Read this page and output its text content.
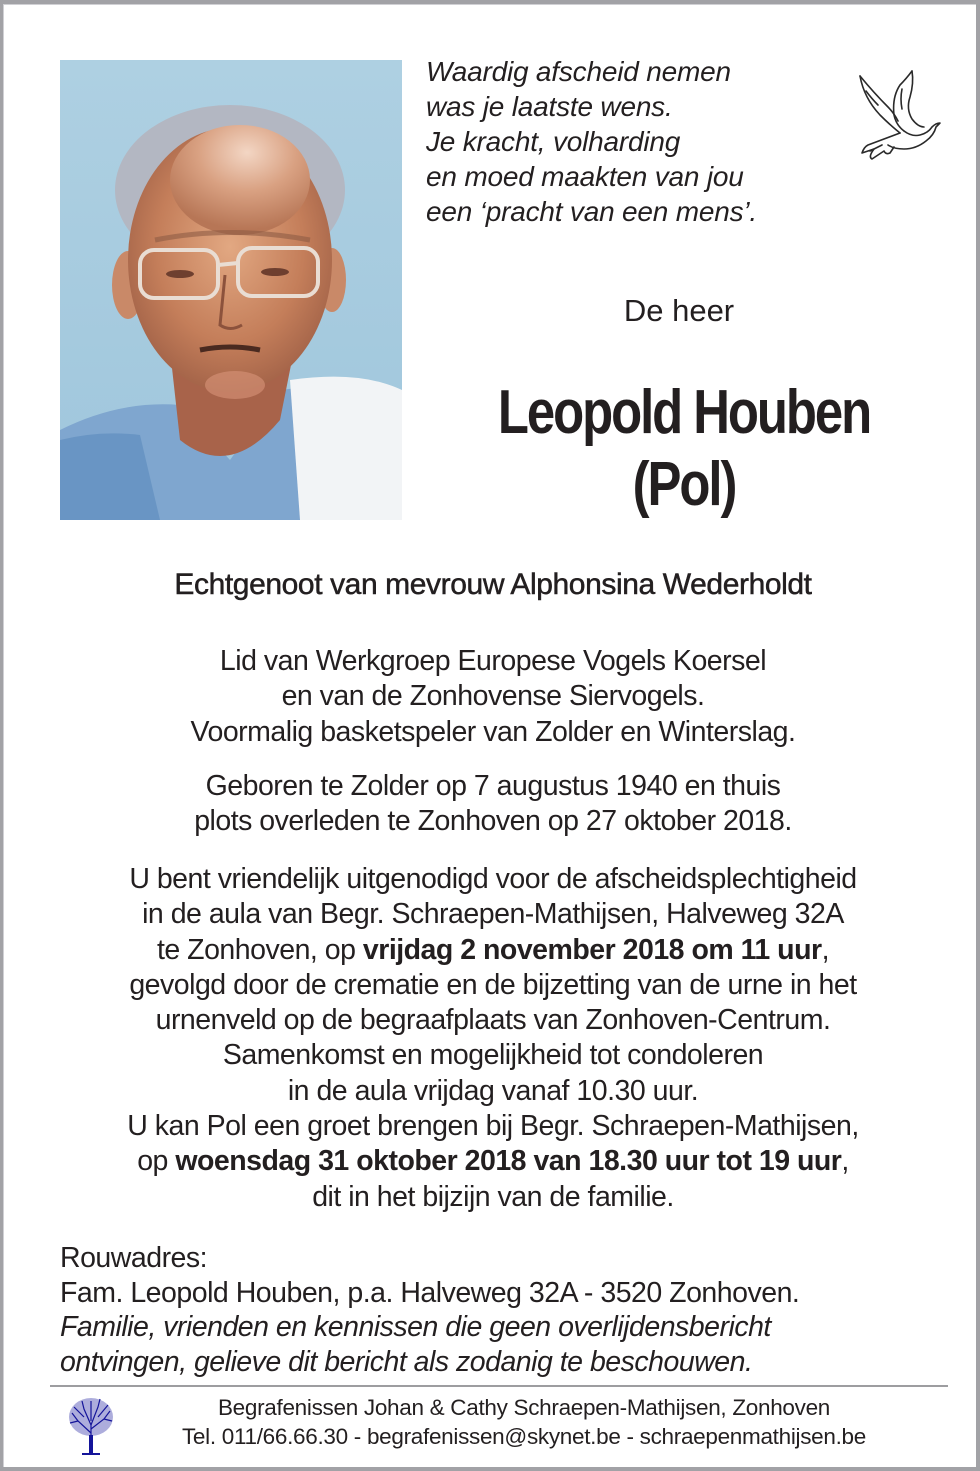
Waardig afscheid nemen
was je laatste wens.
Je kracht, volharding
en moed maakten van jou
een ‘pracht van een mens’.
De heer
Leopold Houben
(Pol)
Echtgenoot van mevrouw Alphonsina Wederholdt
Lid van Werkgroep Europese Vogels Koersel
en van de Zonhovense Siervogels.
Voormalig basketspeler van Zolder en Winterslag.
Geboren te Zolder op 7 augustus 1940 en thuis
plots overleden te Zonhoven op 27 oktober 2018.
U bent vriendelijk uitgenodigd voor de afscheidsplechtigheid
in de aula van Begr. Schraepen-Mathijsen, Halveweg 32A
te Zonhoven, op vrijdag 2 november 2018 om 11 uur,
gevolgd door de crematie en de bijzetting van de urne in het
urnenveld op de begraafplaats van Zonhoven-Centrum.
Samenkomst en mogelijkheid tot condoleren
in de aula vrijdag vanaf 10.30 uur.
U kan Pol een groet brengen bij Begr. Schraepen-Mathijsen,
op woensdag 31 oktober 2018 van 18.30 uur tot 19 uur,
dit in het bijzijn van de familie.
Rouwadres:
Fam. Leopold Houben, p.a. Halveweg 32A - 3520 Zonhoven.
Familie, vrienden en kennissen die geen overlijdensbericht
ontvingen, gelieve dit bericht als zodanig te beschouwen.
Begrafenissen Johan & Cathy Schraepen-Mathijsen, Zonhoven
Tel. 011/66.66.30 - begrafenissen@skynet.be - schraepenmathijsen.be
